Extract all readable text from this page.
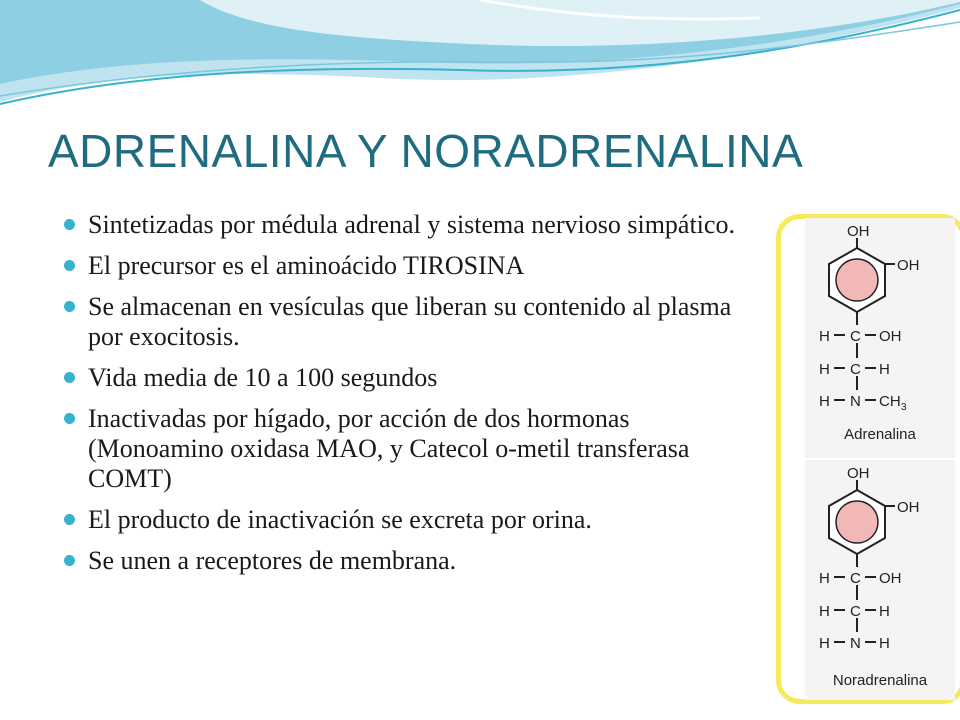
ADRENALINA Y NORADRENALINA
Sintetizadas por médula adrenal y sistema nervioso simpático.
El precursor es el aminoácido TIROSINA
Se almacenan en vesículas que liberan su contenido al plasma por exocitosis.
Vida media de 10 a 100 segundos
Inactivadas por hígado, por acción de dos hormonas (Monoamino oxidasa MAO, y Catecol o-metil transferasa COMT)
El producto de inactivación se excreta por orina.
Se unen a receptores de membrana.
OH
OH
H C OH
H C H
H N CH 3
Adrenalina
OH
OH
H C OH
H C H
H N H
Noradrenalina
